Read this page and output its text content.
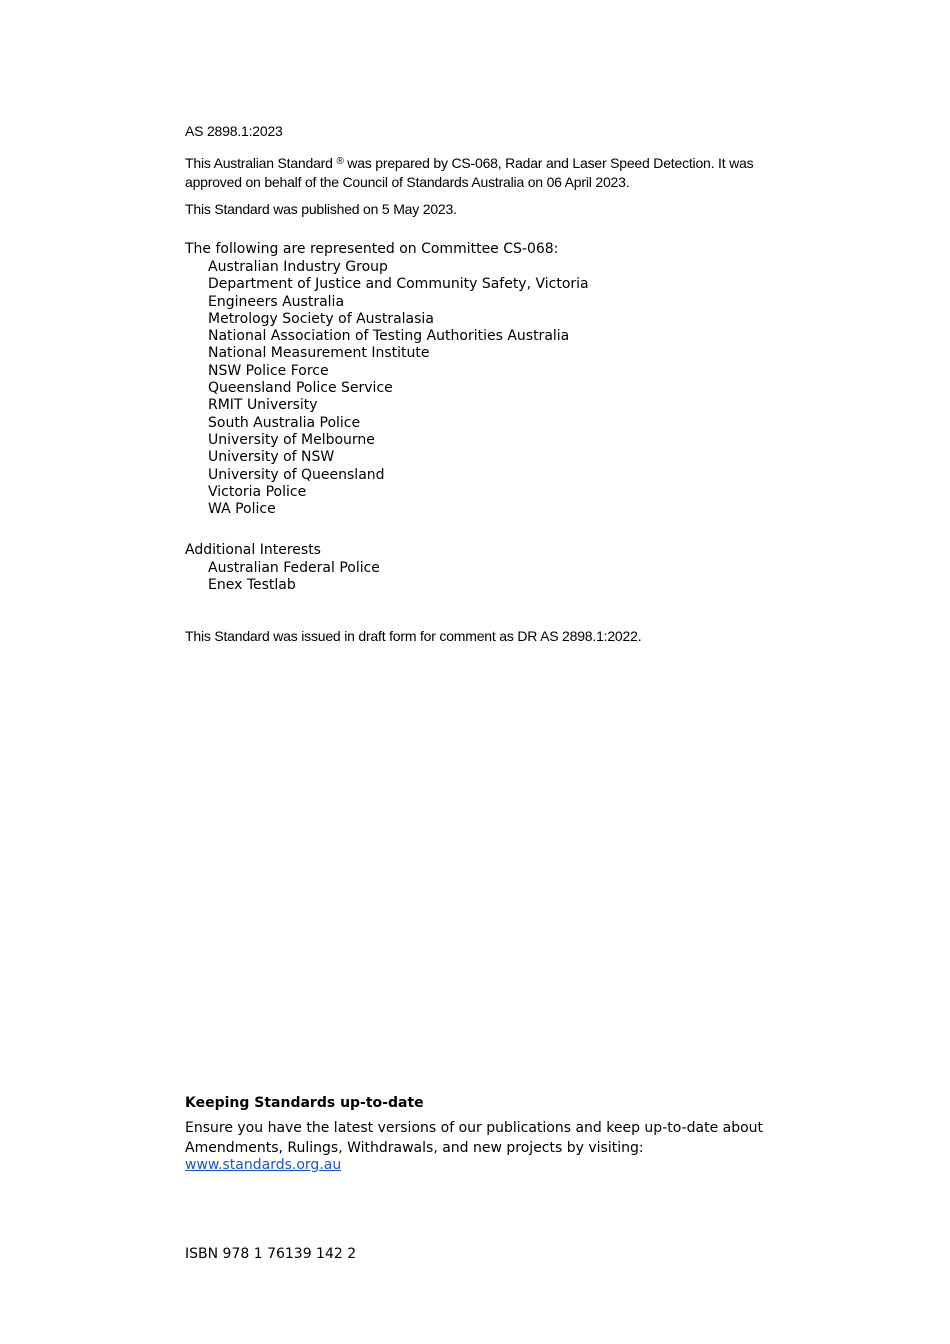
AS 2898.1:2023

This Australian Standard ® was prepared by CS-068, Radar and Laser Speed Detection. It was approved on behalf of the Council of Standards Australia on 06 April 2023.

This Standard was published on 5 May 2023.

The following are represented on Committee CS-068:

Australian Industry Group
Department of Justice and Community Safety, Victoria
Engineers Australia
Metrology Society of Australasia
National Association of Testing Authorities Australia
National Measurement Institute
NSW Police Force
Queensland Police Service
RMIT University
South Australia Police
University of Melbourne
University of NSW
University of Queensland
Victoria Police
WA Police

Additional Interests

Australian Federal Police
Enex Testlab

This Standard was issued in draft form for comment as DR AS 2898.1:2022.

Keeping Standards up-to-date

Ensure you have the latest versions of our publications and keep up-to-date about Amendments, Rulings, Withdrawals, and new projects by visiting:

www.standards.org.au

ISBN 978 1 76139 142 2
